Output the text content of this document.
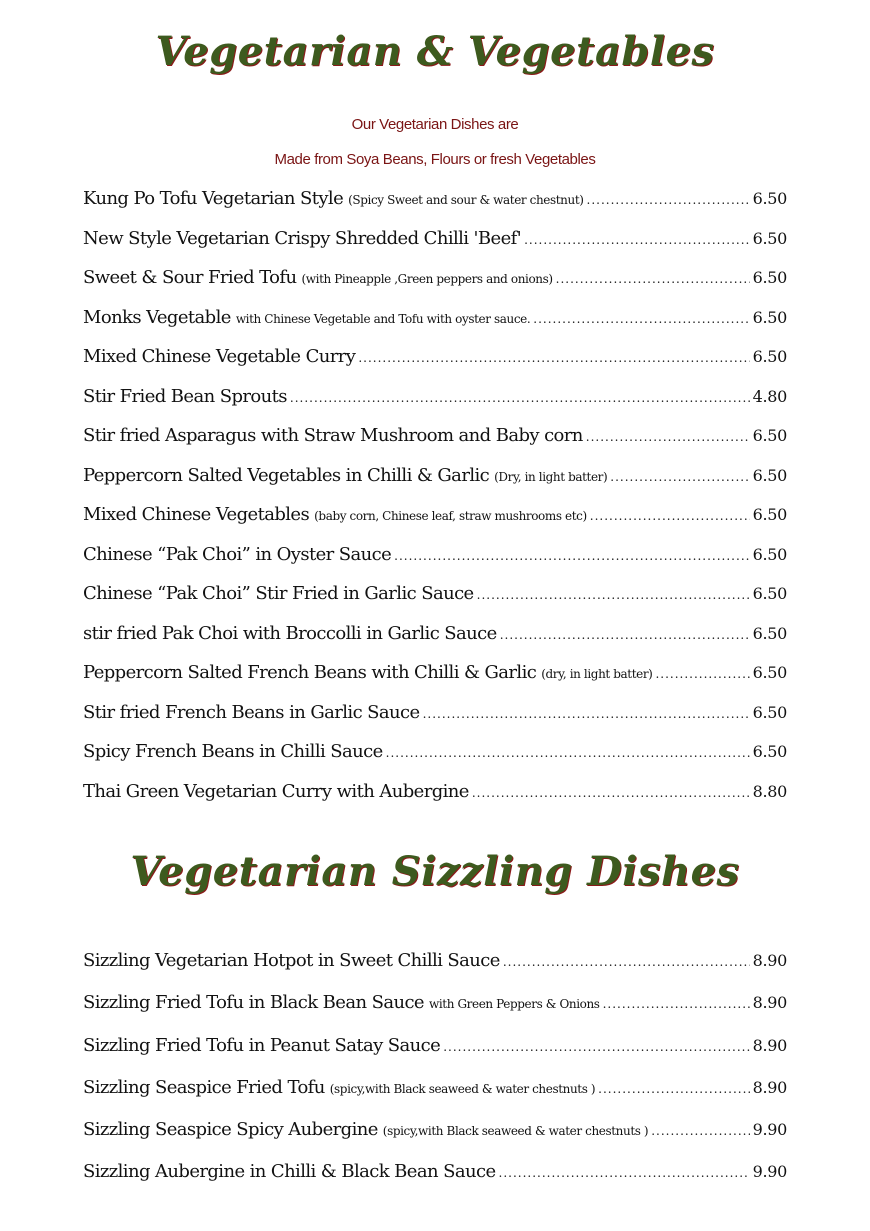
Vegetarian & Vegetables
Our Vegetarian Dishes are
Made from Soya Beans, Flours or fresh Vegetables
Kung Po Tofu Vegetarian Style (Spicy Sweet and sour & water chestnut) .....	6.50
New Style Vegetarian Crispy Shredded Chilli 'Beef' .....	6.50
Sweet & Sour Fried Tofu (with Pineapple ,Green peppers and onions) .....	6.50
Monks Vegetable with Chinese Vegetable and Tofu with oyster sauce. .....	6.50
Mixed Chinese Vegetable Curry .....	6.50
Stir Fried Bean Sprouts .....	4.80
Stir fried Asparagus with Straw Mushroom and Baby corn .....	6.50
Peppercorn Salted Vegetables in Chilli & Garlic (Dry, in light batter) .....	6.50
Mixed Chinese Vegetables (baby corn, Chinese leaf, straw mushrooms etc) .....	6.50
Chinese “Pak Choi” in Oyster Sauce .....	6.50
Chinese “Pak Choi” Stir Fried in Garlic Sauce .....	6.50
stir fried Pak Choi with Broccolli in Garlic Sauce .....	6.50
Peppercorn Salted French Beans with Chilli & Garlic (dry, in light batter) .....	6.50
Stir fried French Beans in Garlic Sauce .....	6.50
Spicy French Beans in Chilli Sauce .....	6.50
Thai Green Vegetarian Curry with Aubergine .....	8.80
Vegetarian Sizzling Dishes
Sizzling Vegetarian Hotpot in Sweet Chilli Sauce .....	8.90
Sizzling Fried Tofu in Black Bean Sauce with Green Peppers & Onions .....	8.90
Sizzling Fried Tofu in Peanut Satay Sauce .....	8.90
Sizzling Seaspice Fried Tofu (spicy,with Black seaweed & water chestnuts ) .....	8.90
Sizzling Seaspice Spicy Aubergine (spicy,with Black seaweed & water chestnuts ) .....	9.90
Sizzling Aubergine in Chilli & Black Bean Sauce .....	9.90
